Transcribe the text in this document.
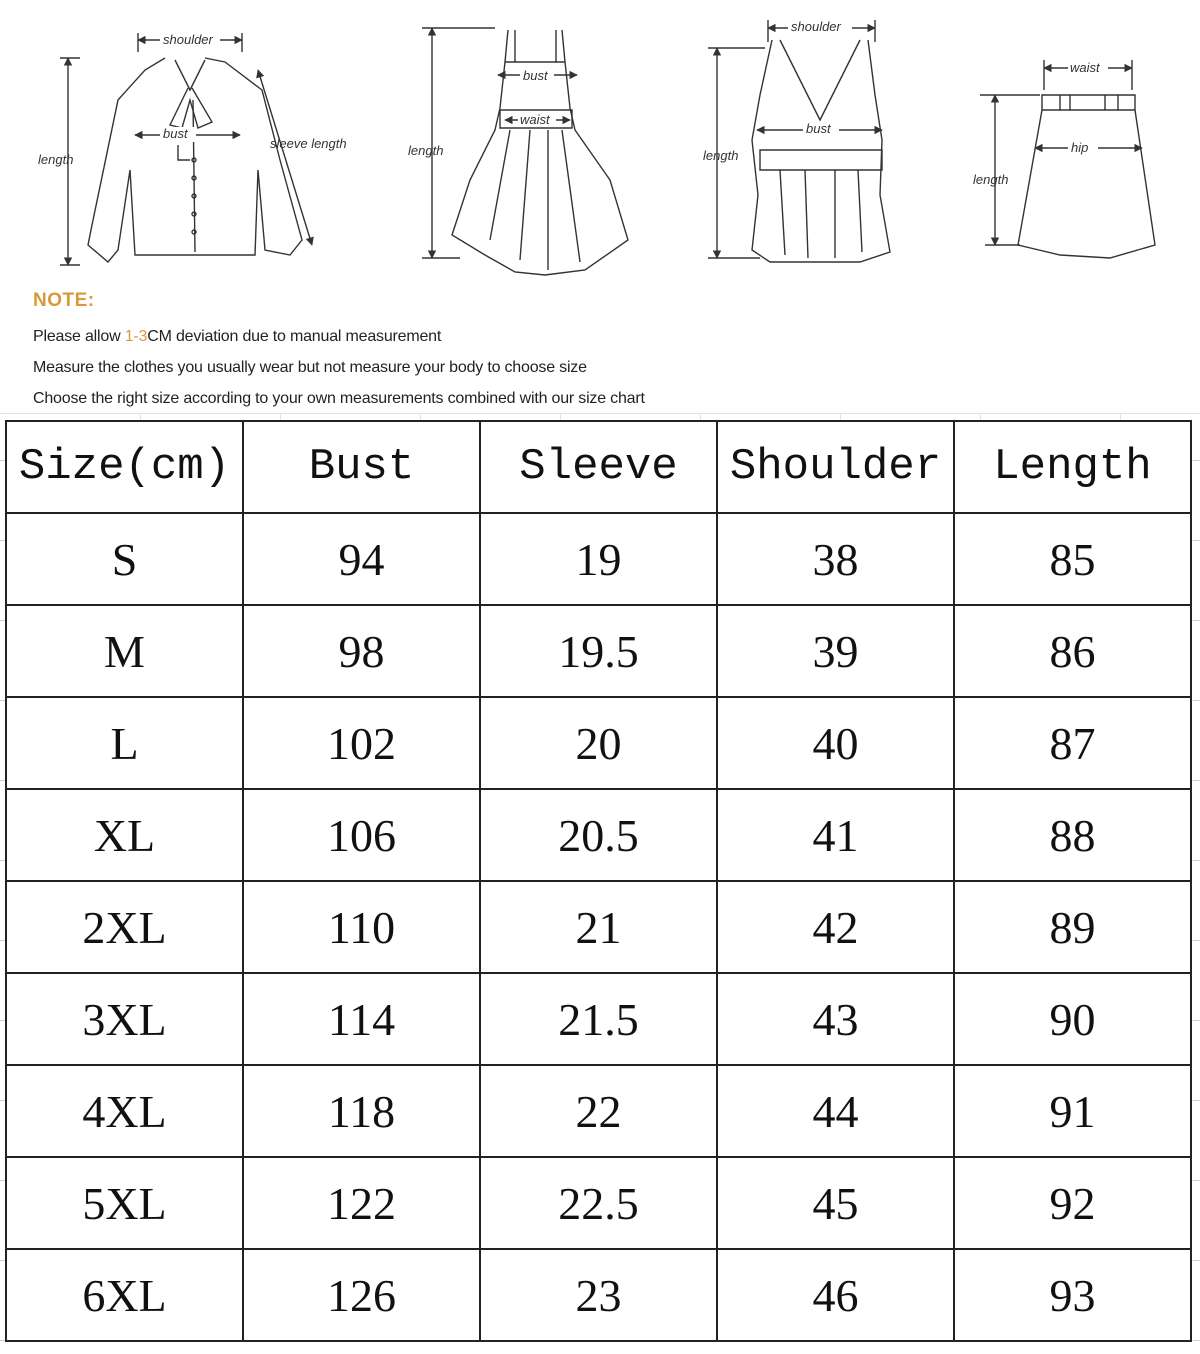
shoulder
bust
length
sleeve length
bust
waist
length
shoulder
bust
length
waist
hip
length
NOTE:
Please allow 1-3CM deviation due to manual measurement
Measure the clothes you usually wear but not measure your body to choose size
Choose the right size according to your own measurements combined with our size chart
Size(cm)	Bust	Sleeve	Shoulder	Length
S	94	19	38	85
M	98	19.5	39	86
L	102	20	40	87
XL	106	20.5	41	88
2XL	110	21	42	89
3XL	114	21.5	43	90
4XL	118	22	44	91
5XL	122	22.5	45	92
6XL	126	23	46	93
